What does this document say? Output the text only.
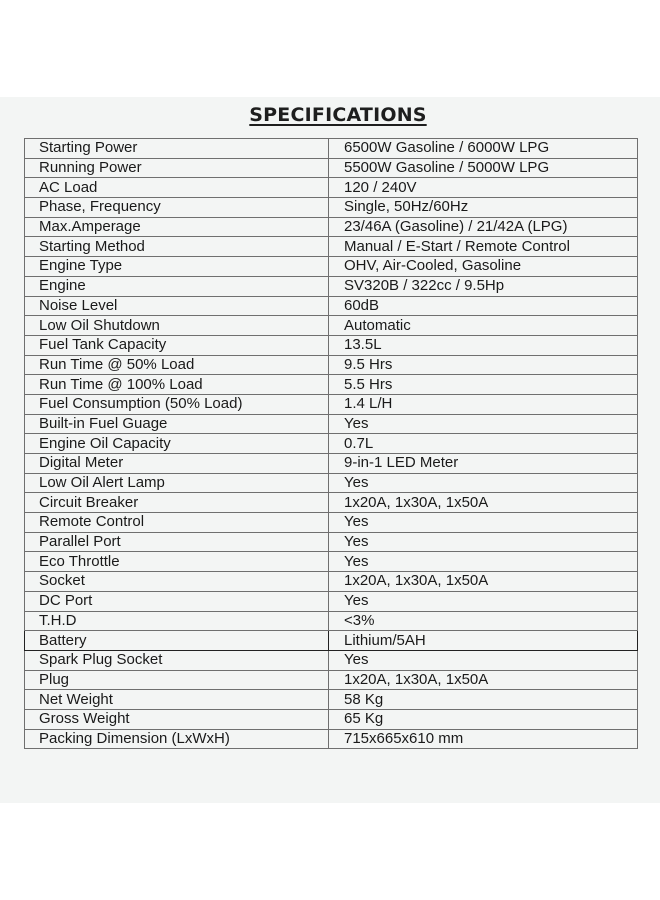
SPECIFICATIONS
Starting Power	6500W Gasoline / 6000W LPG
Running Power	5500W Gasoline / 5000W LPG
AC Load	120 / 240V
Phase, Frequency	Single, 50Hz/60Hz
Max.Amperage	23/46A (Gasoline) / 21/42A (LPG)
Starting Method	Manual / E-Start / Remote Control
Engine Type	OHV, Air-Cooled, Gasoline
Engine	SV320B / 322cc / 9.5Hp
Noise Level	60dB
Low Oil Shutdown	Automatic
Fuel Tank Capacity	13.5L
Run Time @ 50% Load	9.5 Hrs
Run Time @ 100% Load	5.5 Hrs
Fuel Consumption (50% Load)	1.4 L/H
Built-in Fuel Guage	Yes
Engine Oil Capacity	0.7L
Digital Meter	9-in-1 LED Meter
Low Oil Alert Lamp	Yes
Circuit Breaker	1x20A, 1x30A, 1x50A
Remote Control	Yes
Parallel Port	Yes
Eco Throttle	Yes
Socket	1x20A, 1x30A, 1x50A
DC Port	Yes
T.H.D	<3%
Battery	Lithium/5AH
Spark Plug Socket	Yes
Plug	1x20A, 1x30A, 1x50A
Net Weight	58 Kg
Gross Weight	65 Kg
Packing Dimension (LxWxH)	715x665x610 mm
